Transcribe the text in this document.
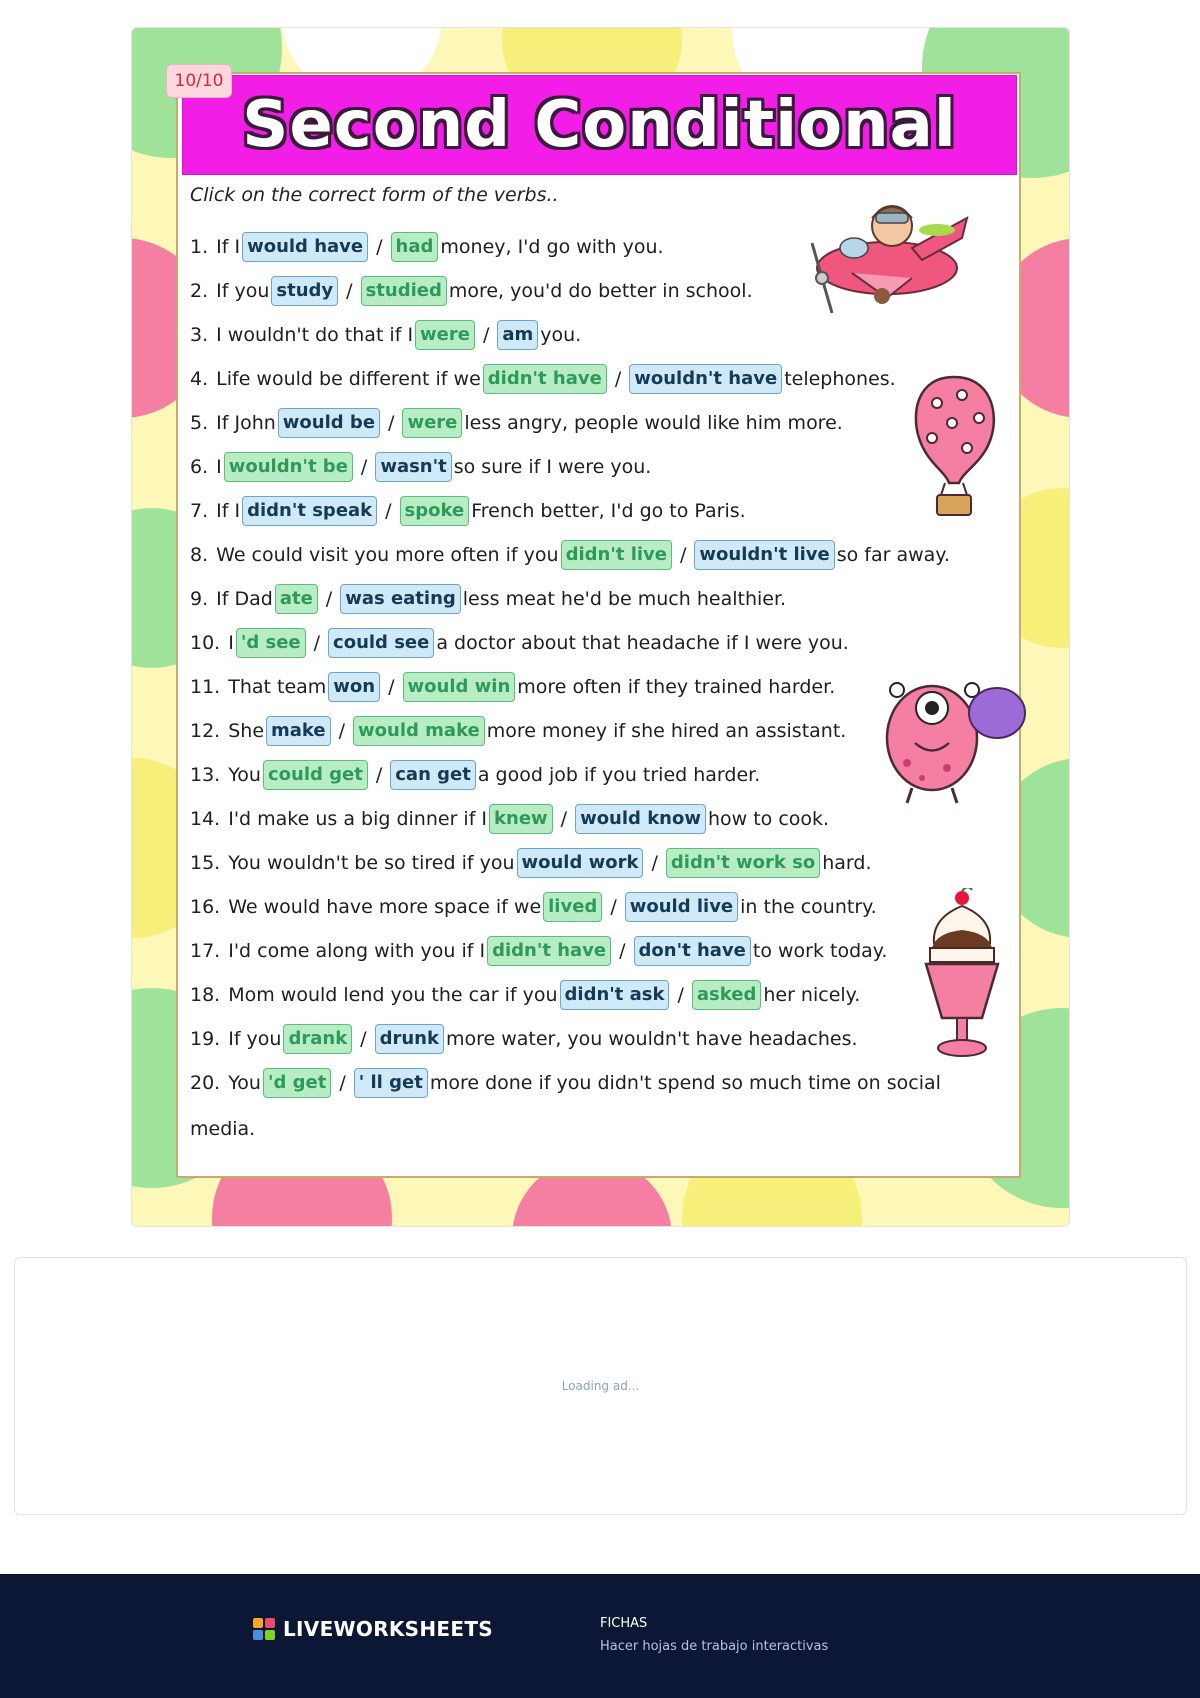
Second Conditional
10/10
Click on the correct form of the verbs..
1. If I would have / had money, I'd go with you.
2. If you study / studied more, you'd do better in school.
3. I wouldn't do that if I were / am you.
4. Life would be different if we didn't have / wouldn't have telephones.
5. If John would be / were less angry, people would like him more.
6. I wouldn't be / wasn't so sure if I were you.
7. If I didn't speak / spoke French better, I'd go to Paris.
8. We could visit you more often if you didn't live / wouldn't live so far away.
9. If Dad ate / was eating less meat he'd be much healthier.
10. I 'd see / could see a doctor about that headache if I were you.
11. That team won / would win more often if they trained harder.
12. She make / would make more money if she hired an assistant.
13. You could get / can get a good job if you tried harder.
14. I'd make us a big dinner if I knew / would know how to cook.
15. You wouldn't be so tired if you would work / didn't work so hard.
16. We would have more space if we lived / would live in the country.
17. I'd come along with you if I didn't have / don't have to work today.
18. Mom would lend you the car if you didn't ask / asked her nicely.
19. If you drank / drunk more water, you wouldn't have headaches.
20. You 'd get / ' ll get more done if you didn't spend so much time on social
media.
Loading ad...
LIVEWORKSHEETS	FICHAS
Hacer hojas de trabajo interactivas
